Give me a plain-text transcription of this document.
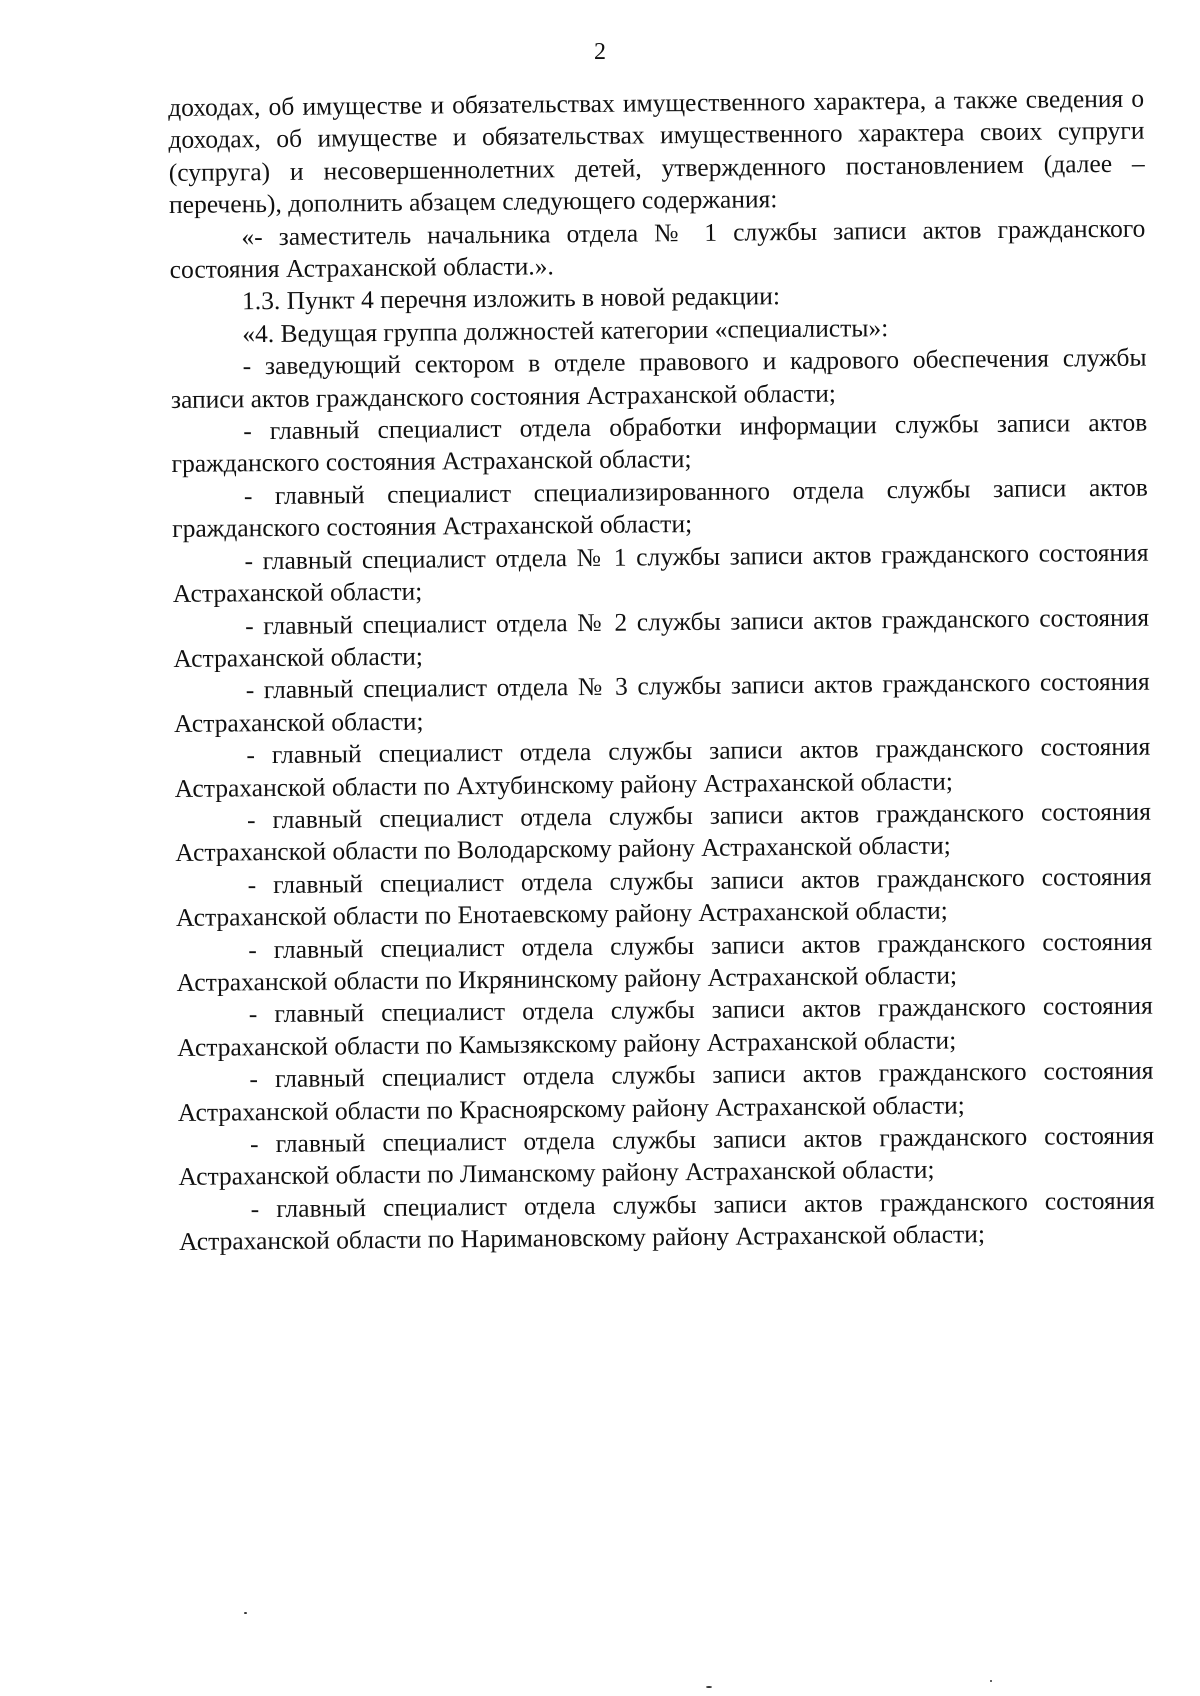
2

доходах, об имуществе и обязательствах имущественного характера, а также сведения о доходах, об имуществе и обязательствах имущественного характера своих супруги (супруга) и несовершеннолетних детей, утвержденного постановлением (далее – перечень), дополнить абзацем следующего содержания:

«- заместитель начальника отдела № 1 службы записи актов гражданского состояния Астраханской области.».

1.3. Пункт 4 перечня изложить в новой редакции:

«4. Ведущая группа должностей категории «специалисты»:

- заведующий сектором в отделе правового и кадрового обеспечения службы записи актов гражданского состояния Астраханской области;

- главный специалист отдела обработки информации службы записи актов гражданского состояния Астраханской области;

- главный специалист специализированного отдела службы записи актов гражданского состояния Астраханской области;

- главный специалист отдела № 1 службы записи актов гражданского состояния Астраханской области;

- главный специалист отдела № 2 службы записи актов гражданского состояния Астраханской области;

- главный специалист отдела № 3 службы записи актов гражданского состояния Астраханской области;

- главный специалист отдела службы записи актов гражданского состояния Астраханской области по Ахтубинскому району Астраханской области;

- главный специалист отдела службы записи актов гражданского состояния Астраханской области по Володарскому району Астраханской области;

- главный специалист отдела службы записи актов гражданского состояния Астраханской области по Енотаевскому району Астраханской области;

- главный специалист отдела службы записи актов гражданского состояния Астраханской области по Икрянинскому району Астраханской области;

- главный специалист отдела службы записи актов гражданского состояния Астраханской области по Камызякскому району Астраханской области;

- главный специалист отдела службы записи актов гражданского состояния Астраханской области по Красноярскому району Астраханской области;

- главный специалист отдела службы записи актов гражданского состояния Астраханской области по Лиманскому району Астраханской области;

- главный специалист отдела службы записи актов гражданского состояния Астраханской области по Наримановскому району Астраханской области;
